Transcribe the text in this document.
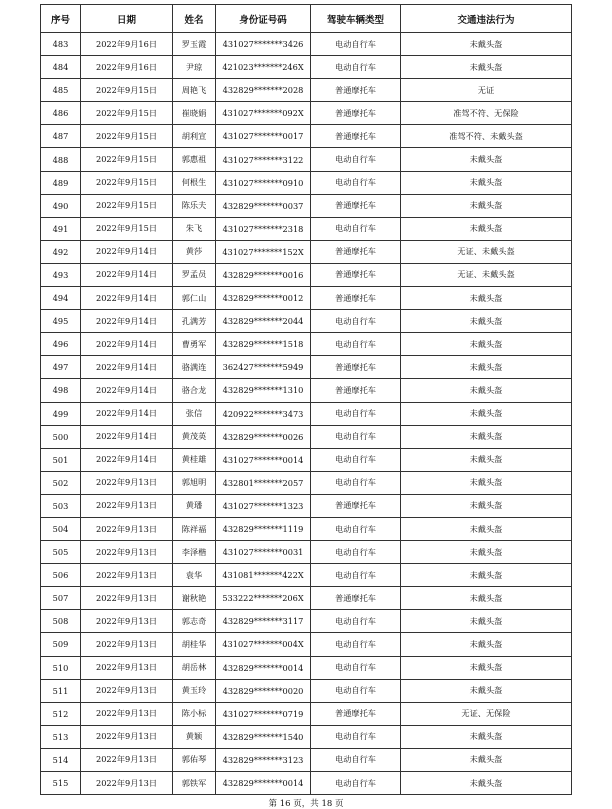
序号	日期	姓名	身份证号码	驾驶车辆类型	交通违法行为
483	2022年9月16日	罗玉霞	431027*******3426	电动自行车	未戴头盔
484	2022年9月16日	尹琼	421023*******246X	电动自行车	未戴头盔
485	2022年9月15日	周艳飞	432829*******2028	普通摩托车	无证
486	2022年9月15日	崔晓娟	431027*******092X	普通摩托车	准驾不符、无保险
487	2022年9月15日	胡利宣	431027*******0017	普通摩托车	准驾不符、未戴头盔
488	2022年9月15日	郭惠祖	431027*******3122	电动自行车	未戴头盔
489	2022年9月15日	何根生	431027*******0910	电动自行车	未戴头盔
490	2022年9月15日	陈乐夫	432829*******0037	普通摩托车	未戴头盔
491	2022年9月15日	朱飞	431027*******2318	电动自行车	未戴头盔
492	2022年9月14日	黄莎	431027*******152X	普通摩托车	无证、未戴头盔
493	2022年9月14日	罗孟员	432829*******0016	普通摩托车	无证、未戴头盔
494	2022年9月14日	郭仁山	432829*******0012	普通摩托车	未戴头盔
495	2022年9月14日	孔满芳	432829*******2044	电动自行车	未戴头盔
496	2022年9月14日	曹勇军	432829*******1518	电动自行车	未戴头盔
497	2022年9月14日	骆满连	362427*******5949	普通摩托车	未戴头盔
498	2022年9月14日	骆合龙	432829*******1310	普通摩托车	未戴头盔
499	2022年9月14日	张信	420922*******3473	电动自行车	未戴头盔
500	2022年9月14日	黄茂英	432829*******0026	电动自行车	未戴头盔
501	2022年9月14日	黄桂雄	431027*******0014	电动自行车	未戴头盔
502	2022年9月13日	郭旭明	432801*******2057	电动自行车	未戴头盔
503	2022年9月13日	黄璠	431027*******1323	普通摩托车	未戴头盔
504	2022年9月13日	陈祥福	432829*******1119	电动自行车	未戴头盔
505	2022年9月13日	李泽楷	431027*******0031	电动自行车	未戴头盔
506	2022年9月13日	袁华	431081*******422X	电动自行车	未戴头盔
507	2022年9月13日	谢秋艳	533222*******206X	普通摩托车	未戴头盔
508	2022年9月13日	郭志奇	432829*******3117	电动自行车	未戴头盔
509	2022年9月13日	胡桂华	431027*******004X	电动自行车	未戴头盔
510	2022年9月13日	胡岳林	432829*******0014	电动自行车	未戴头盔
511	2022年9月13日	黄玉玲	432829*******0020	电动自行车	未戴头盔
512	2022年9月13日	陈小标	431027*******0719	普通摩托车	无证、无保险
513	2022年9月13日	黄颖	432829*******1540	电动自行车	未戴头盔
514	2022年9月13日	郭佑琴	432829*******3123	电动自行车	未戴头盔
515	2022年9月13日	郭铁军	432829*******0014	电动自行车	未戴头盔
第 16 页，共 18 页
